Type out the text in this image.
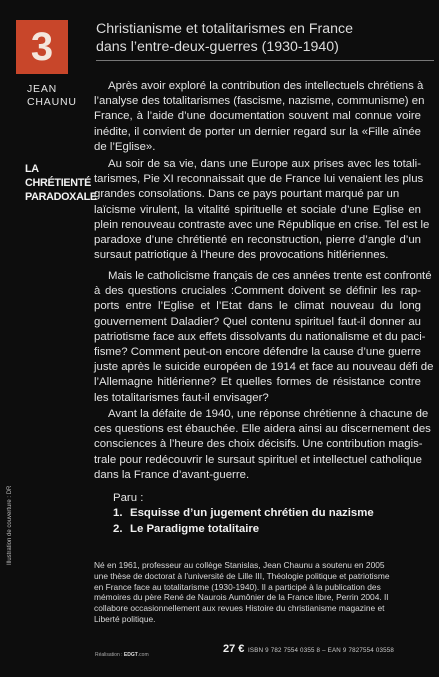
3	Christianisme et totalitarismes en France
dans l’entre-deux-guerres (1930-1940)
JEAN
CHAUNU
LA
CHRÉTIENTÉ
PARADOXALE
Après avoir exploré la contribution des intellectuels chrétiens à
l’analyse des totalitarismes (fascisme, nazisme, communisme) en
France, à l’aide d’une documentation souvent mal connue voire
inédite, il convient de porter un dernier regard sur la «Fille aînée
de l’Eglise».
Au soir de sa vie, dans une Europe aux prises avec les totali-
tarismes, Pie XI reconnaissait que de France lui venaient les plus
grandes consolations. Dans ce pays pourtant marqué par un
laïcisme virulent, la vitalité spirituelle et sociale d’une Eglise en
plein renouveau contraste avec une République en crise. Tel est le
paradoxe d’une chrétienté en reconstruction, pierre d’angle d’un
sursaut patriotique à l’heure des provocations hitlériennes.
Mais le catholicisme français de ces années trente est confronté
à des questions cruciales :Comment doivent se définir les rap-
ports entre l’Eglise et l’Etat dans le climat nouveau du long
gouvernement Daladier? Quel contenu spirituel faut-il donner au
patriotisme face aux effets dissolvants du nationalisme et du paci-
fisme? Comment peut-on encore défendre la cause d’une guerre
juste après le suicide européen de 1914 et face au nouveau défi de
l’Allemagne hitlérienne? Et quelles formes de résistance contre
les totalitarismes faut-il envisager?
Avant la défaite de 1940, une réponse chrétienne à chacune de
ces questions est ébauchée. Elle aidera ainsi au discernement des
consciences à l’heure des choix décisifs. Une contribution magis-
trale pour redécouvrir le sursaut spirituel et intellectuel catholique
dans la France d’avant-guerre.
Paru :
1. Esquisse d’un jugement chrétien du nazisme
2. Le Paradigme totalitaire
Illustration de couverture : DR	Né en 1961, professeur au collège Stanislas, Jean Chaunu a soutenu en 2005
une thèse de doctorat à l’université de Lille III, Théologie politique et patriotisme
en France face au totalitarisme (1930-1940). Il a participé à la publication des
mémoires du père René de Naurois Aumônier de la France libre, Perrin 2004. Il
collabore occasionnellement aux revues Histoire du christianisme magazine et
Liberté politique.
Réalisation : EDGT.com	27 € ISBN 9 782 7554 0355 8 – EAN 9 7827554 03558
